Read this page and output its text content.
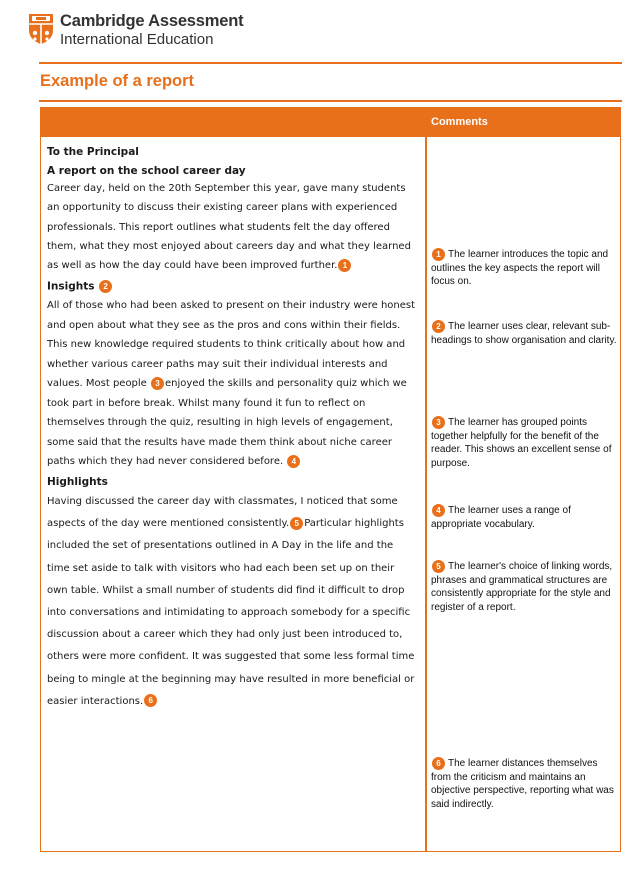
Cambridge Assessment
International Education
Example of a report
Comments

To the Principal

A report on the school career day

Career day, held on the 20th September this year, gave many students an opportunity to discuss their existing career plans with experienced professionals. This report outlines what students felt the day offered them, what they most enjoyed about careers day and what they learned as well as how the day could have been improved further. 1

Insights 2

All of those who had been asked to present on their industry were honest and open about what they see as the pros and cons within their fields. This new knowledge required students to think critically about how and whether various career paths may suit their individual interests and values. Most people 3 enjoyed the skills and personality quiz which we took part in before break. Whilst many found it fun to reflect on themselves through the quiz, resulting in high levels of engagement, some said that the results have made them think about niche career paths which they had never considered before. 4

Highlights

Having discussed the career day with classmates, I noticed that some aspects of the day were mentioned consistently. 5 Particular highlights included the set of presentations outlined in A Day in the life and the time set aside to talk with visitors who had each been set up on their own table. Whilst a small number of students did find it difficult to drop into conversations and intimidating to approach somebody for a specific discussion about a career which they had only just been introduced to, others were more confident. It was suggested that some less formal time being to mingle at the beginning may have resulted in more beneficial or easier interactions. 6

1 The learner introduces the topic and outlines the key aspects the report will focus on.
2 The learner uses clear, relevant sub-headings to show organisation and clarity.
3 The learner has grouped points together helpfully for the benefit of the reader. This shows an excellent sense of purpose.
4 The learner uses a range of appropriate vocabulary.
5 The learner's choice of linking words, phrases and grammatical structures are consistently appropriate for the style and register of a report.
6 The learner distances themselves from the criticism and maintains an objective perspective, reporting what was said indirectly.
